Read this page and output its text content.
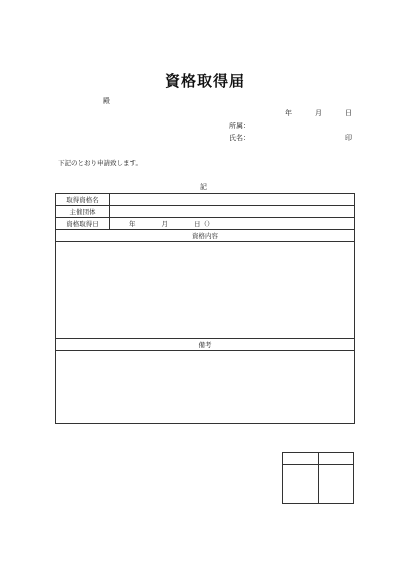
資格取得届
殿
年	月	日
所属：
氏名：	印
下記のとおり申請致します。
記
取得資格名	
主催団体	
資格取得日	年 月 日（）
資格内容	

備考	
